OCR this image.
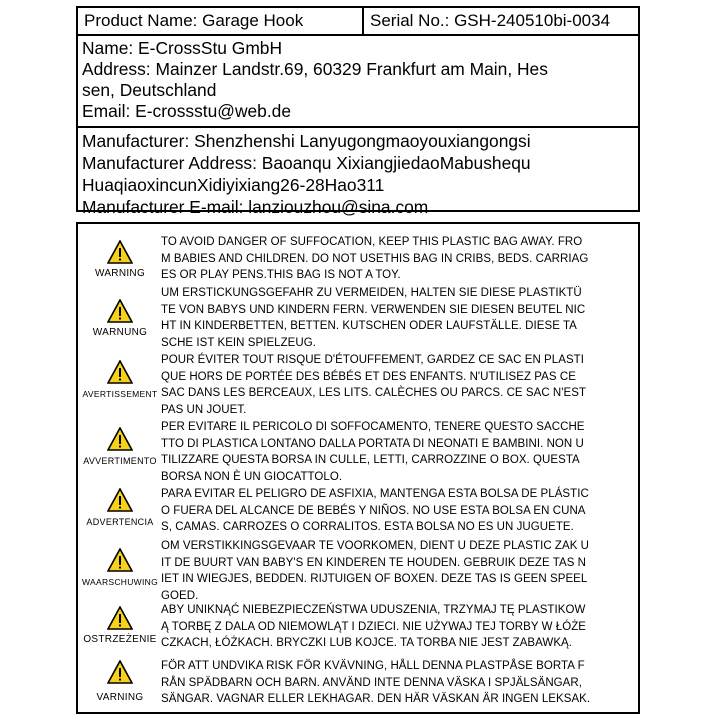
Product Name: Garage Hook	Serial No.: GSH-240510bi-0034
Name: E-CrossStu GmbH
Address: Mainzer Landstr.69, 60329 Frankfurt am Main, Hes
sen, Deutschland
Email: E-crossstu@web.de
Manufacturer: Shenzhenshi Lanyugongmaoyouxiangongsi
Manufacturer Address: Baoanqu XixiangjiedaoMabushequ
HuaqiaoxincunXidiyixiang26-28Hao311
Manufacturer E-mail: lanziouzhou@sina.com
WARNING
TO AVOID DANGER OF SUFFOCATION, KEEP THIS PLASTIC BAG AWAY. FRO
M BABIES AND CHILDREN. DO NOT USETHIS BAG IN CRIBS, BEDS. CARRIAG
ES OR PLAY PENS.THIS BAG IS NOT A TOY.
WARNUNG
UM ERSTICKUNGSGEFAHR ZU VERMEIDEN, HALTEN SIE DIESE PLASTIKTÜ
TE VON BABYS UND KINDERN FERN. VERWENDEN SIE DIESEN BEUTEL NIC
HT IN KINDERBETTEN, BETTEN. KUTSCHEN ODER LAUFSTÄLLE. DIESE TA
SCHE IST KEIN SPIELZEUG.
AVERTISSEMENT
POUR ÉVITER TOUT RISQUE D'ÉTOUFFEMENT, GARDEZ CE SAC EN PLASTI
QUE HORS DE PORTÉE DES BÉBÉS ET DES ENFANTS. N'UTILISEZ PAS CE
SAC DANS LES BERCEAUX, LES LITS. CALÈCHES OU PARCS. CE SAC N'EST
PAS UN JOUET.
AVVERTIMENTO
PER EVITARE IL PERICOLO DI SOFFOCAMENTO, TENERE QUESTO SACCHE
TTO DI PLASTICA LONTANO DALLA PORTATA DI NEONATI E BAMBINI. NON U
TILIZZARE QUESTA BORSA IN CULLE, LETTI, CARROZZINE O BOX. QUESTA
BORSA NON È UN GIOCATTOLO.
ADVERTENCIA
PARA EVITAR EL PELIGRO DE ASFIXIA, MANTENGA ESTA BOLSA DE PLÁSTIC
O FUERA DEL ALCANCE DE BEBÉS Y NIÑOS. NO USE ESTA BOLSA EN CUNA
S, CAMAS. CARROZES O CORRALITOS. ESTA BOLSA NO ES UN JUGUETE.
WAARSCHUWING
OM VERSTIKKINGSGEVAAR TE VOORKOMEN, DIENT U DEZE PLASTIC ZAK U
IT DE BUURT VAN BABY'S EN KINDEREN TE HOUDEN. GEBRUIK DEZE TAS N
IET IN WIEGJES, BEDDEN. RIJTUIGEN OF BOXEN. DEZE TAS IS GEEN SPEEL
GOED.
OSTRZEŻENIE
ABY UNIKNĄĆ NIEBEZPIECZEŃSTWA UDUSZENIA, TRZYMAJ TĘ PLASTIKOW
Ą TORBĘ Z DALA OD NIEMOWLĄT I DZIECI. NIE UŻYWAJ TEJ TORBY W ŁÓŻE
CZKACH, ŁÓŻKACH. BRYCZKI LUB KOJCE. TA TORBA NIE JEST ZABAWKĄ.
VARNING
FÖR ATT UNDVIKA RISK FÖR KVÄVNING, HÅLL DENNA PLASTPÅSE BORTA F
RÅN SPÄDBARN OCH BARN. ANVÄND INTE DENNA VÄSKA I SPJÄLSÄNGAR,
SÄNGAR. VAGNAR ELLER LEKHAGAR. DEN HÄR VÄSKAN ÄR INGEN LEKSAK.
